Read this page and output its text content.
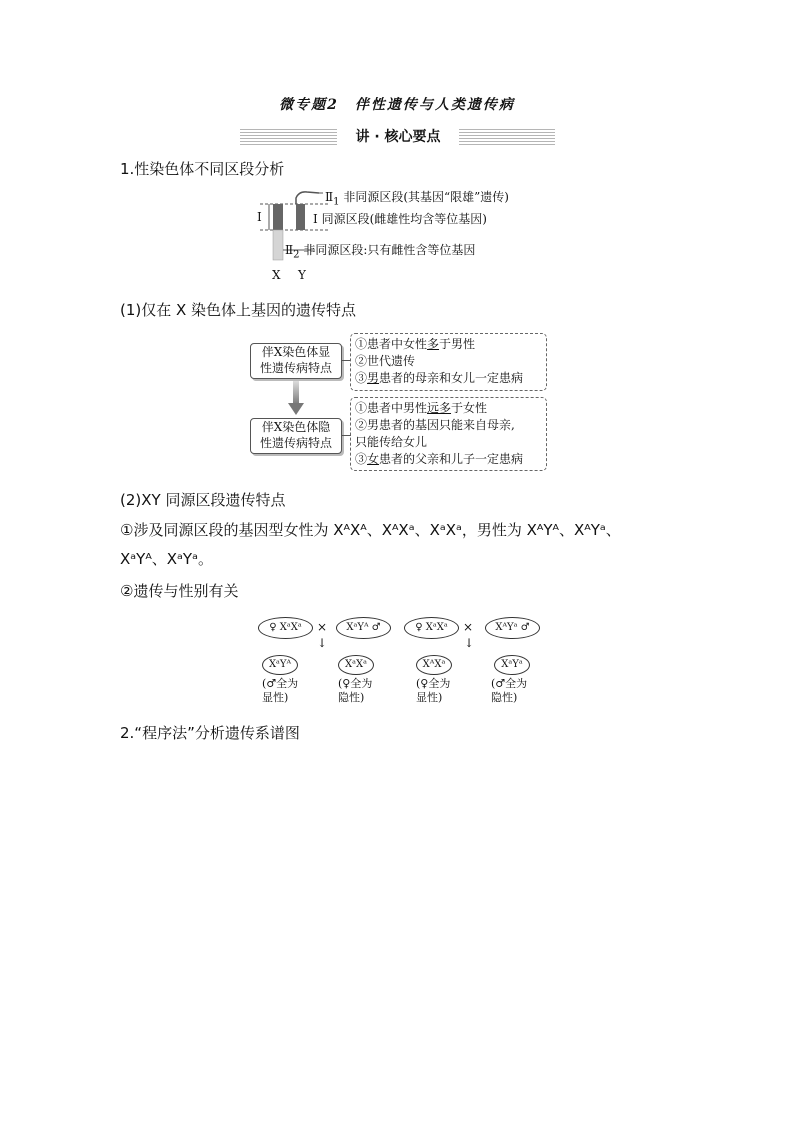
微专题2　伴性遗传与人类遗传病
讲 · 核心要点
1.性染色体不同区段分析
I
$Ⅱ_1$ 非同源区段(其基因“限雄”遗传)
Ⅰ 同源区段(雌雄性均含等位基因)
$Ⅱ_2$ 非同源区段:只有雌性含等位基因
X Y
(1)仅在 X 染色体上基因的遗传特点
伴X染色体显
性遗传病特点
①患者中女性多于男性
②世代遗传
③男患者的母亲和女儿一定患病
伴X染色体隐
性遗传病特点
①患者中男性远多于女性
②男患者的基因只能来自母亲,
只能传给女儿
③女患者的父亲和儿子一定患病
(2)XY 同源区段遗传特点
①涉及同源区段的基因型女性为 XᴬXᴬ、XᴬXᵃ、XᵃXᵃ，男性为 XᴬYᴬ、XᴬYᵃ、
XᵃYᴬ、XᵃYᵃ。
②遗传与性别有关
♀ XᵃXᵃ	×	XᵃYᴬ ♂
↓
XᵃYᴬ
(♂全为
显性)
XᵃXᵃ
(♀全为
隐性)
♀ XᵃXᵃ	×	XᴬYᵃ ♂
↓
XᴬXᵃ
(♀全为
显性)
XᵃYᵃ
(♂全为
隐性)
2.“程序法”分析遗传系谱图
